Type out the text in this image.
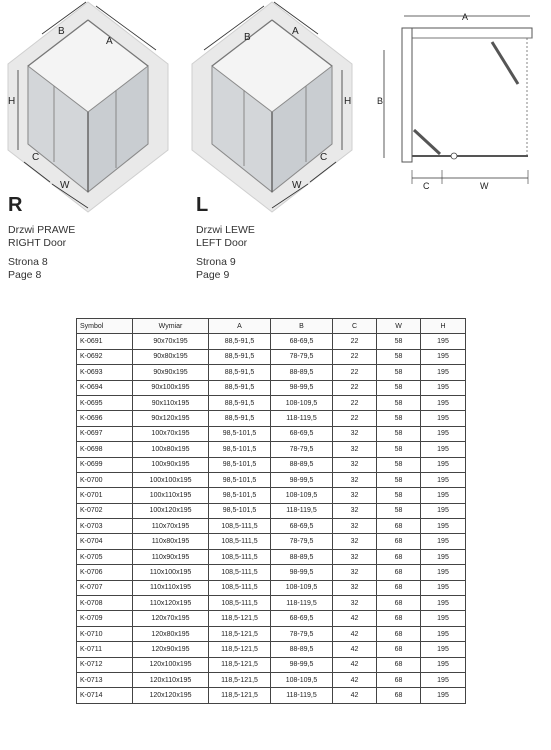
B
A
H
C
W
B
A
H
C
W
A
B
C	W
R
Drzwi PRAWE
RIGHT Door
Strona 8
Page 8
L
Drzwi LEWE
LEFT Door
Strona 9
Page 9
Symbol	Wymiar	A	B	C	W	H
K-0691	90x70x195	88,5-91,5	68-69,5	22	58	195
K-0692	90x80x195	88,5-91,5	78-79,5	22	58	195
K-0693	90x90x195	88,5-91,5	88-89,5	22	58	195
K-0694	90x100x195	88,5-91,5	98-99,5	22	58	195
K-0695	90x110x195	88,5-91,5	108-109,5	22	58	195
K-0696	90x120x195	88,5-91,5	118-119,5	22	58	195
K-0697	100x70x195	98,5-101,5	68-69,5	32	58	195
K-0698	100x80x195	98,5-101,5	78-79,5	32	58	195
K-0699	100x90x195	98,5-101,5	88-89,5	32	58	195
K-0700	100x100x195	98,5-101,5	98-99,5	32	58	195
K-0701	100x110x195	98,5-101,5	108-109,5	32	58	195
K-0702	100x120x195	98,5-101,5	118-119,5	32	58	195
K-0703	110x70x195	108,5-111,5	68-69,5	32	68	195
K-0704	110x80x195	108,5-111,5	78-79,5	32	68	195
K-0705	110x90x195	108,5-111,5	88-89,5	32	68	195
K-0706	110x100x195	108,5-111,5	98-99,5	32	68	195
K-0707	110x110x195	108,5-111,5	108-109,5	32	68	195
K-0708	110x120x195	108,5-111,5	118-119,5	32	68	195
K-0709	120x70x195	118,5-121,5	68-69,5	42	68	195
K-0710	120x80x195	118,5-121,5	78-79,5	42	68	195
K-0711	120x90x195	118,5-121,5	88-89,5	42	68	195
K-0712	120x100x195	118,5-121,5	98-99,5	42	68	195
K-0713	120x110x195	118,5-121,5	108-109,5	42	68	195
K-0714	120x120x195	118,5-121,5	118-119,5	42	68	195
